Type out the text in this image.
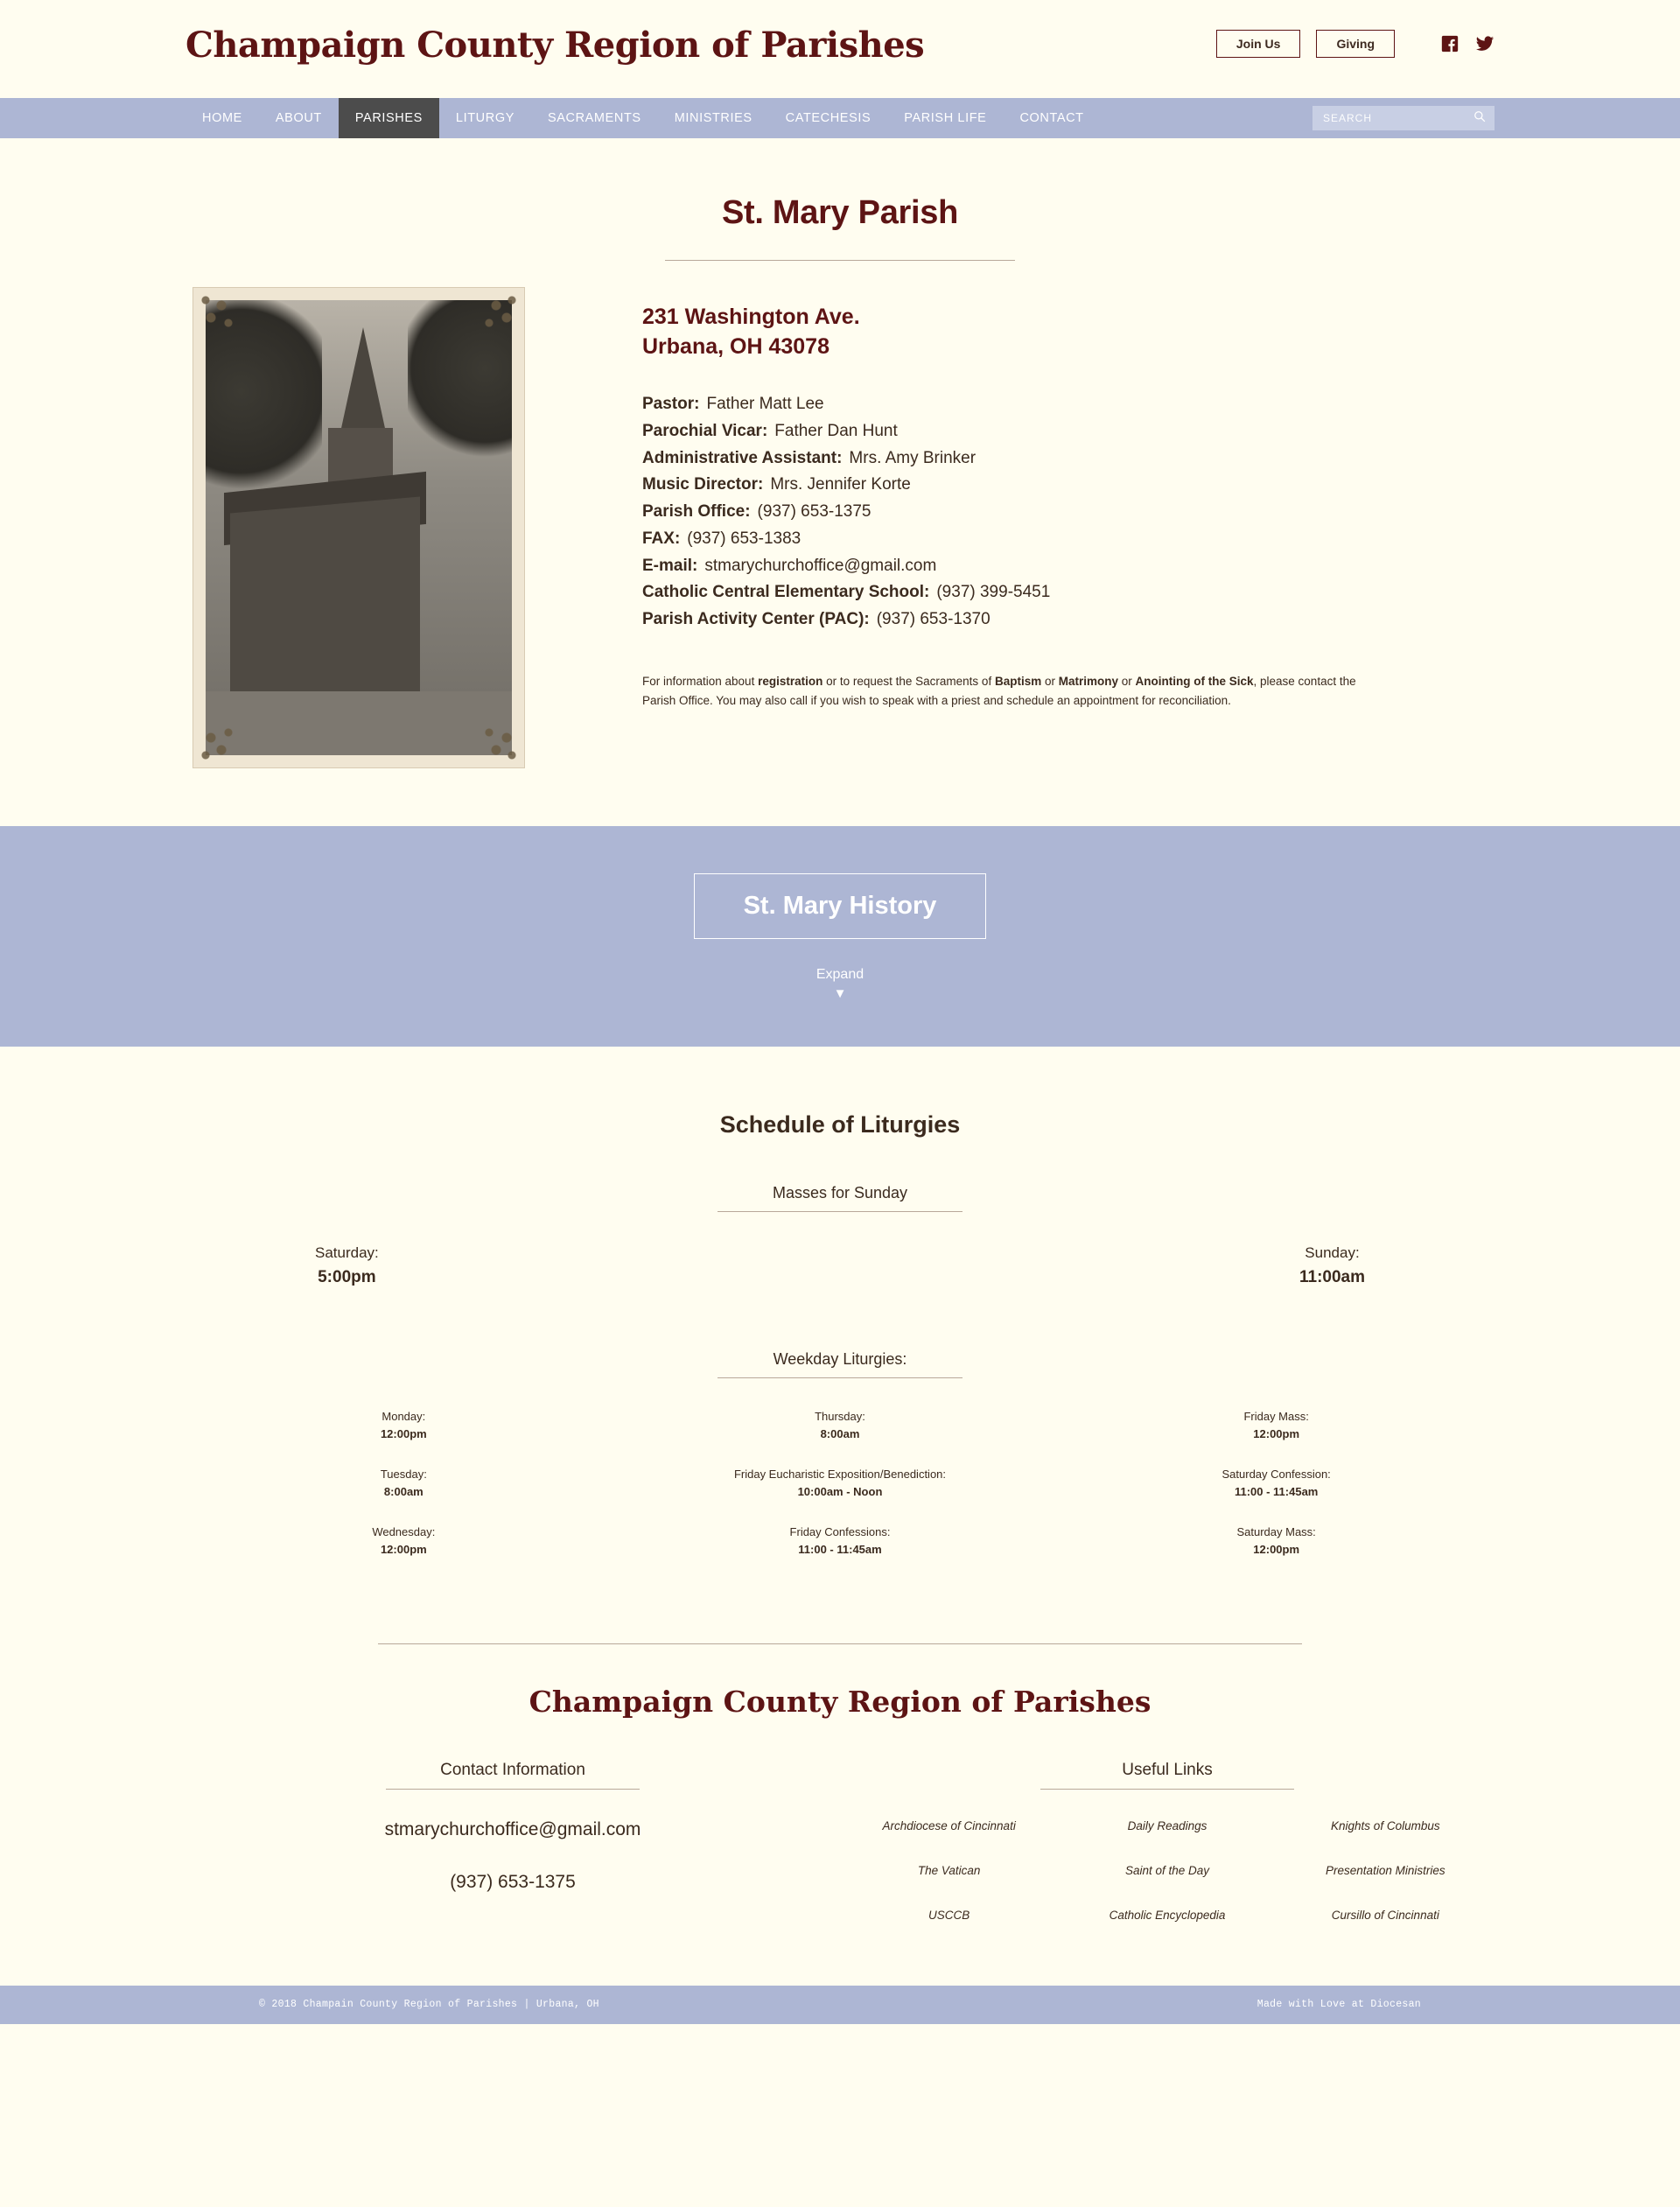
Champaign County Region of Parishes	Join Us	Giving
HOME	ABOUT	PARISHES	LITURGY	SACRAMENTS	MINISTRIES	CATECHESIS	PARISH LIFE	CONTACT
SEARCH
St. Mary Parish
231 Washington Ave.
Urbana, OH 43078
Pastor: Father Matt Lee
Parochial Vicar: Father Dan Hunt
Administrative Assistant: Mrs. Amy Brinker
Music Director: Mrs. Jennifer Korte
Parish Office: (937) 653-1375
FAX: (937) 653-1383
E-mail: stmarychurchoffice@gmail.com
Catholic Central Elementary School: (937) 399-5451
Parish Activity Center (PAC): (937) 653-1370
For information about registration or to request the Sacraments of Baptism or Matrimony or Anointing of the Sick, please contact the Parish Office. You may also call if you wish to speak with a priest and schedule an appointment for reconciliation.
St. Mary History
Expand
▼
Schedule of Liturgies
Masses for Sunday
Saturday:
5:00pm
Sunday:
11:00am
Weekday Liturgies:
Monday:
12:00pm
Thursday:
8:00am
Friday Mass:
12:00pm
Tuesday:
8:00am
Friday Eucharistic Exposition/Benediction:
10:00am - Noon
Saturday Confession:
11:00 - 11:45am
Wednesday:
12:00pm
Friday Confessions:
11:00 - 11:45am
Saturday Mass:
12:00pm
Champaign County Region of Parishes
Contact Information
stmarychurchoffice@gmail.com
(937) 653-1375
Useful Links
Archdiocese of Cincinnati	Daily Readings	Knights of Columbus
The Vatican	Saint of the Day	Presentation Ministries
USCCB	Catholic Encyclopedia	Cursillo of Cincinnati
© 2018 Champain County Region of Parishes | Urbana, OH	Made with Love at Diocesan
